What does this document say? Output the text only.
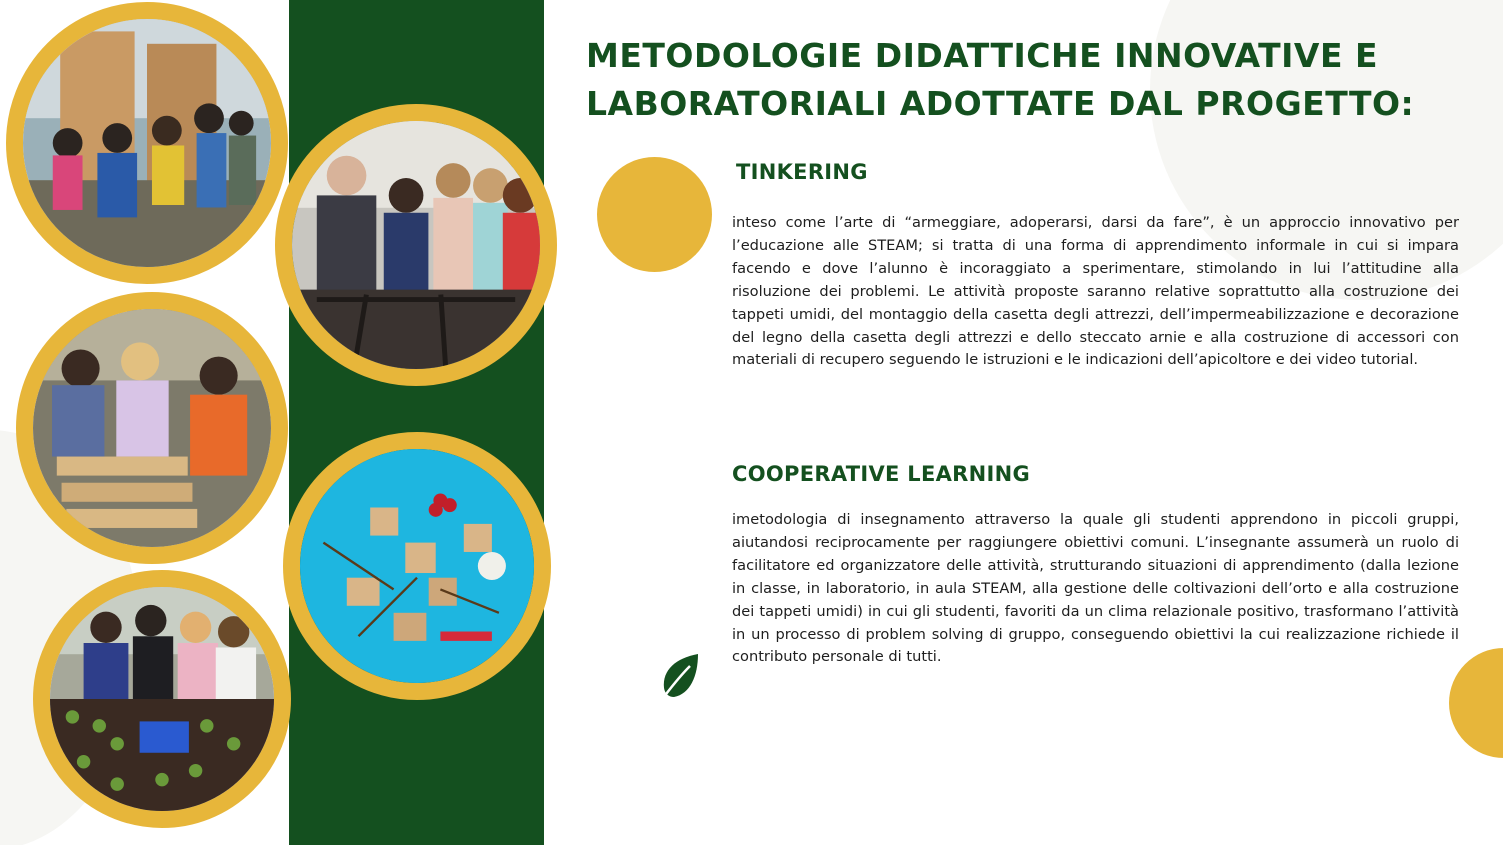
METODOLOGIE DIDATTICHE INNOVATIVE E LABORATORIALI ADOTTATE DAL PROGETTO:
TINKERING

inteso come l’arte di “armeggiare, adoperarsi, darsi da fare”, è un approccio innovativo per l’educazione alle STEAM; si tratta di una forma di apprendimento informale in cui si impara facendo e dove l’alunno è incoraggiato a sperimentare, stimolando in lui l’attitudine alla risoluzione dei problemi. Le attività proposte saranno relative soprattutto alla costruzione dei tappeti umidi, del montaggio della casetta degli attrezzi, dell’impermeabilizzazione e decorazione del legno della casetta degli attrezzi e dello steccato arnie e alla costruzione di accessori con materiali di recupero seguendo le istruzioni e le indicazioni dell’apicoltore e dei video tutorial.

COOPERATIVE LEARNING

imetodologia di insegnamento attraverso la quale gli studenti apprendono in piccoli gruppi, aiutandosi reciprocamente per raggiungere obiettivi comuni. L’insegnante assumerà un ruolo di facilitatore ed organizzatore delle attività, strutturando situazioni di apprendimento (dalla lezione in classe, in laboratorio, in aula STEAM, alla gestione delle coltivazioni dell’orto e alla costruzione dei tappeti umidi) in cui gli studenti, favoriti da un clima relazionale positivo, trasformano l’attività in un processo di problem solving di gruppo, conseguendo obiettivi la cui realizzazione richiede il contributo personale di tutti.
